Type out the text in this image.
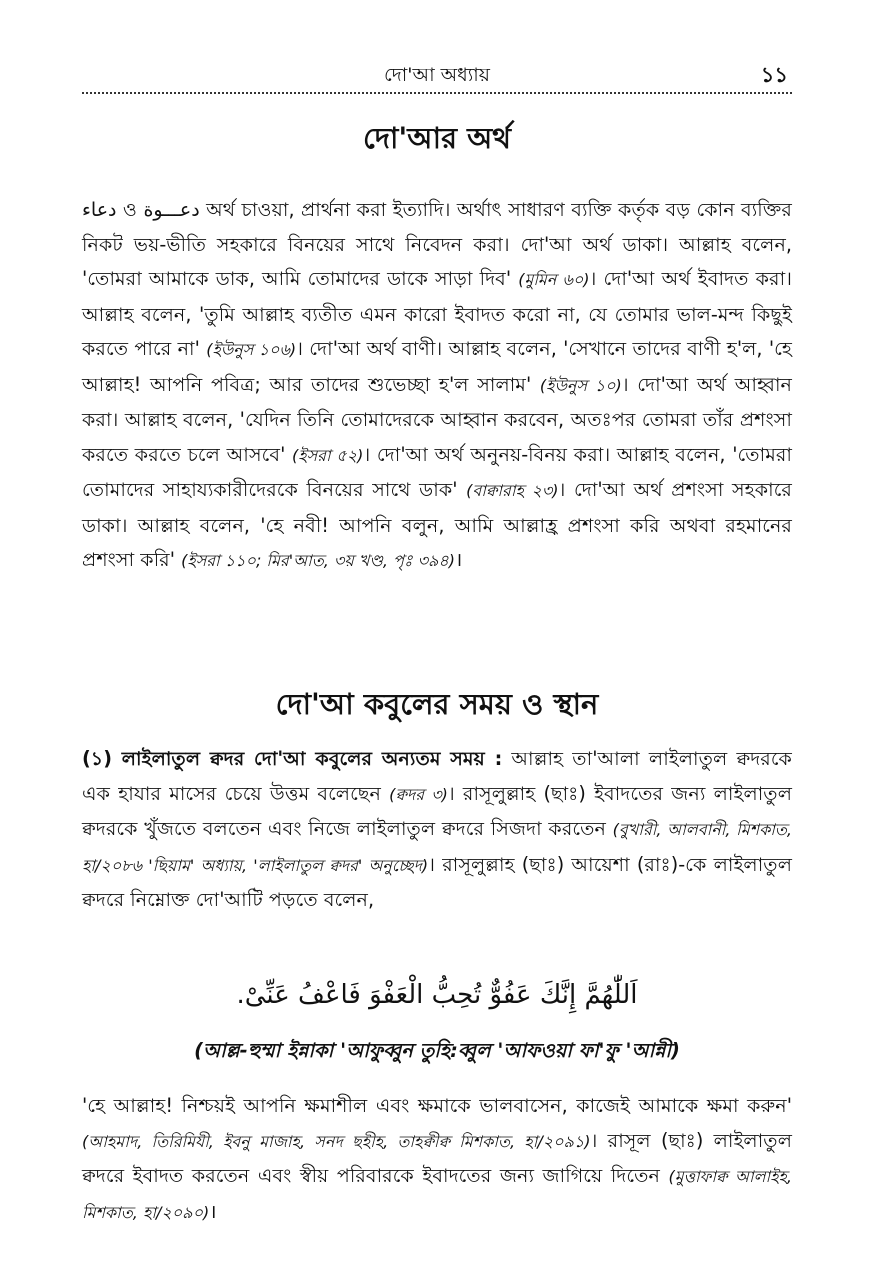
দো'আ অধ্যায়	১১
দো'আর অর্থ

دعاء ও دعـــوة অর্থ চাওয়া, প্রার্থনা করা ইত্যাদি। অর্থাৎ সাধারণ ব্যক্তি কর্তৃক বড় কোন ব্যক্তির নিকট ভয়-ভীতি সহকারে বিনয়ের সাথে নিবেদন করা। দো'আ অর্থ ডাকা। আল্লাহ বলেন, 'তোমরা আমাকে ডাক, আমি তোমাদের ডাকে সাড়া দিব' (মুমিন ৬০)। দো'আ অর্থ ইবাদত করা। আল্লাহ বলেন, 'তুমি আল্লাহ ব্যতীত এমন কারো ইবাদত করো না, যে তোমার ভাল-মন্দ কিছুই করতে পারে না' (ইউনুস ১০৬)। দো'আ অর্থ বাণী। আল্লাহ বলেন, 'সেখানে তাদের বাণী হ'ল, 'হে আল্লাহ! আপনি পবিত্র; আর তাদের শুভেচ্ছা হ'ল সালাম' (ইউনুস ১০)। দো'আ অর্থ আহ্বান করা। আল্লাহ বলেন, 'যেদিন তিনি তোমাদেরকে আহ্বান করবেন, অতঃপর তোমরা তাঁর প্রশংসা করতে করতে চলে আসবে' (ইসরা ৫২)। দো'আ অর্থ অনুনয়-বিনয় করা। আল্লাহ বলেন, 'তোমরা তোমাদের সাহায্যকারীদেরকে বিনয়ের সাথে ডাক' (বাক্বারাহ ২৩)। দো'আ অর্থ প্রশংসা সহকারে ডাকা। আল্লাহ বলেন, 'হে নবী! আপনি বলুন, আমি আল্লাহ্র প্রশংসা করি অথবা রহমানের প্রশংসা করি' (ইসরা ১১০; মির'আত, ৩য় খণ্ড, পৃঃ ৩৯৪)।

দো'আ কবুলের সময় ও স্থান

(১) লাইলাতুল ক্বদর দো'আ কবুলের অন্যতম সময় : আল্লাহ তা'আলা লাইলাতুল ক্বদরকে এক হাযার মাসের চেয়ে উত্তম বলেছেন (ক্বদর ৩)। রাসূলুল্লাহ (ছাঃ) ইবাদতের জন্য লাইলাতুল ক্বদরকে খুঁজতে বলতেন এবং নিজে লাইলাতুল ক্বদরে সিজদা করতেন (বুখারী, আলবানী, মিশকাত, হা/২০৮৬ 'ছিয়াম' অধ্যায়, 'লাইলাতুল ক্বদর' অনুচ্ছেদ)। রাসূলুল্লাহ (ছাঃ) আয়েশা (রাঃ)-কে লাইলাতুল ক্বদরে নিম্নোক্ত দো'আটি পড়তে বলেন,

اَللّٰهُمَّ إِنَّكَ عَفُوٌّ تُحِبُّ الْعَفْوَ فَاعْفُ عَنِّىْ.
(আল্ল-হুম্মা ইন্নাকা 'আফুব্বুন তুহি:ব্বুল 'আফওয়া ফা'ফু 'আন্নী)

'হে আল্লাহ! নিশ্চয়ই আপনি ক্ষমাশীল এবং ক্ষমাকে ভালবাসেন, কাজেই আমাকে ক্ষমা করুন' (আহমাদ, তিরিমিযী, ইবনু মাজাহ, সনদ ছহীহ, তাহক্বীক্ব মিশকাত, হা/২০৯১)। রাসূল (ছাঃ) লাইলাতুল ক্বদরে ইবাদত করতেন এবং স্বীয় পরিবারকে ইবাদতের জন্য জাগিয়ে দিতেন (মুত্তাফাক্ব আলাইহ, মিশকাত, হা/২০৯০)।
